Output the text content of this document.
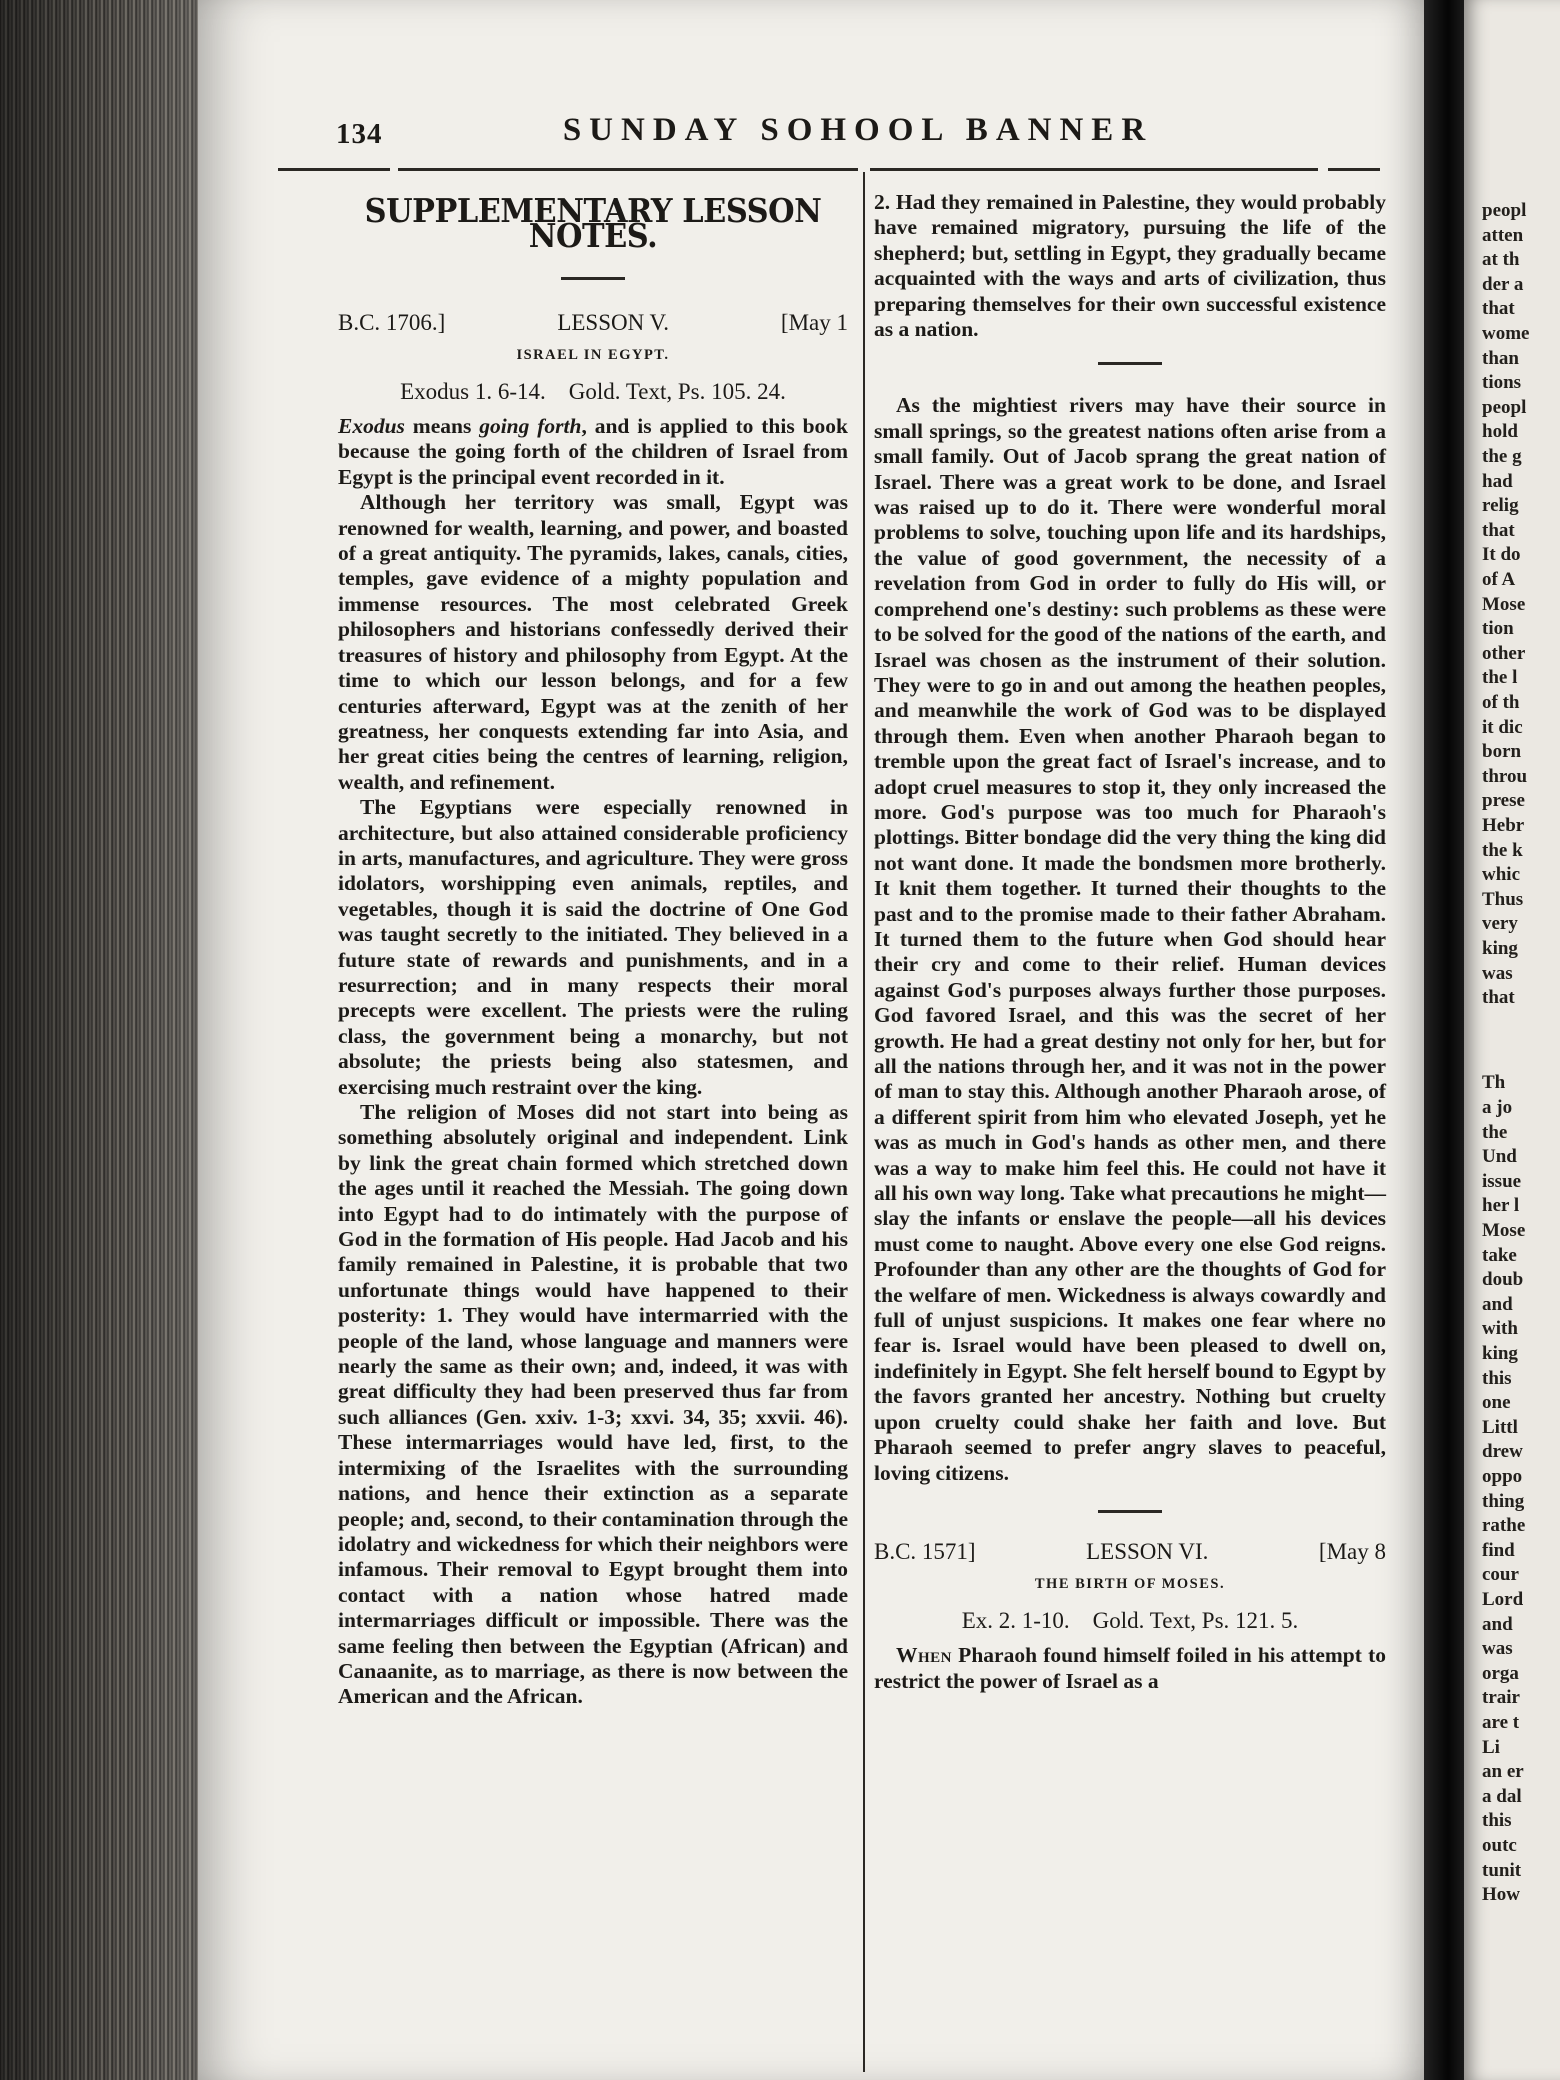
134	SUNDAY SOHOOL BANNER
SUPPLEMENTARY LESSON NOTES.
B.C. 1706.]	LESSON V.	[May 1
ISRAEL IN EGYPT.
Exodus 1. 6-14.    Gold. Text, Ps. 105. 24.

Exodus means going forth, and is applied to this book because the going forth of the children of Israel from Egypt is the principal event recorded in it.

Although her territory was small, Egypt was renowned for wealth, learning, and power, and boasted of a great antiquity. The pyramids, lakes, canals, cities, temples, gave evidence of a mighty population and immense resources. The most celebrated Greek philosophers and historians confessedly derived their treasures of history and philosophy from Egypt. At the time to which our lesson belongs, and for a few centuries afterward, Egypt was at the zenith of her greatness, her conquests extending far into Asia, and her great cities being the centres of learning, religion, wealth, and refinement.

The Egyptians were especially renowned in architecture, but also attained considerable proficiency in arts, manufactures, and agriculture. They were gross idolators, worshipping even animals, reptiles, and vegetables, though it is said the doctrine of One God was taught secretly to the initiated. They believed in a future state of rewards and punishments, and in a resurrection; and in many respects their moral precepts were excellent. The priests were the ruling class, the government being a monarchy, but not absolute; the priests being also statesmen, and exercising much restraint over the king.

The religion of Moses did not start into being as something absolutely original and independent. Link by link the great chain formed which stretched down the ages until it reached the Messiah. The going down into Egypt had to do intimately with the purpose of God in the formation of His people. Had Jacob and his family remained in Palestine, it is probable that two unfortunate things would have happened to their posterity: 1. They would have intermarried with the people of the land, whose language and manners were nearly the same as their own; and, indeed, it was with great difficulty they had been preserved thus far from such alliances (Gen. xxiv. 1-3; xxvi. 34, 35; xxvii. 46). These intermarriages would have led, first, to the intermixing of the Israelites with the surrounding nations, and hence their extinction as a separate people; and, second, to their contamination through the idolatry and wickedness for which their neighbors were infamous. Their removal to Egypt brought them into contact with a nation whose hatred made intermarriages difficult or impossible. There was the same feeling then between the Egyptian (African) and Canaanite, as to marriage, as there is now between the American and the African.

2. Had they remained in Palestine, they would probably have remained migratory, pursuing the life of the shepherd; but, settling in Egypt, they gradually became acquainted with the ways and arts of civilization, thus preparing themselves for their own successful existence as a nation.

As the mightiest rivers may have their source in small springs, so the greatest nations often arise from a small family. Out of Jacob sprang the great nation of Israel. There was a great work to be done, and Israel was raised up to do it. There were wonderful moral problems to solve, touching upon life and its hardships, the value of good government, the necessity of a revelation from God in order to fully do His will, or comprehend one's destiny: such problems as these were to be solved for the good of the nations of the earth, and Israel was chosen as the instrument of their solution. They were to go in and out among the heathen peoples, and meanwhile the work of God was to be displayed through them. Even when another Pharaoh began to tremble upon the great fact of Israel's increase, and to adopt cruel measures to stop it, they only increased the more. God's purpose was too much for Pharaoh's plottings. Bitter bondage did the very thing the king did not want done. It made the bondsmen more brotherly. It knit them together. It turned their thoughts to the past and to the promise made to their father Abraham. It turned them to the future when God should hear their cry and come to their relief. Human devices against God's purposes always further those purposes. God favored Israel, and this was the secret of her growth. He had a great destiny not only for her, but for all the nations through her, and it was not in the power of man to stay this. Although another Pharaoh arose, of a different spirit from him who elevated Joseph, yet he was as much in God's hands as other men, and there was a way to make him feel this. He could not have it all his own way long. Take what precautions he might—slay the infants or enslave the people—all his devices must come to naught. Above every one else God reigns. Profounder than any other are the thoughts of God for the welfare of men. Wickedness is always cowardly and full of unjust suspicions. It makes one fear where no fear is. Israel would have been pleased to dwell on, indefinitely in Egypt. She felt herself bound to Egypt by the favors granted her ancestry. Nothing but cruelty upon cruelty could shake her faith and love. But Pharaoh seemed to prefer angry slaves to peaceful, loving citizens.

B.C. 1571]	LESSON VI.	[May 8
THE BIRTH OF MOSES.
Ex. 2. 1-10.    Gold. Text, Ps. 121. 5.

When Pharaoh found himself foiled in his attempt to restrict the power of Israel as a

peopl
atten
at th
der a
that
wome
than
tions
peopl
hold
the g
had
relig
that
It do
of A
Mose
tion
other
the l
of th
it dic
born
throu
prese
Hebr
the k
whic
Thus
very
king
was
that
Th
a jo
the
Und
issue
her l
Mose
take
doub
and
with
king
this
one
Littl
drew
oppo
thing
rathe
find
cour
Lord
and
was
orga
trair
are t
Li
an er
a dal
this
outc
tunit
How
